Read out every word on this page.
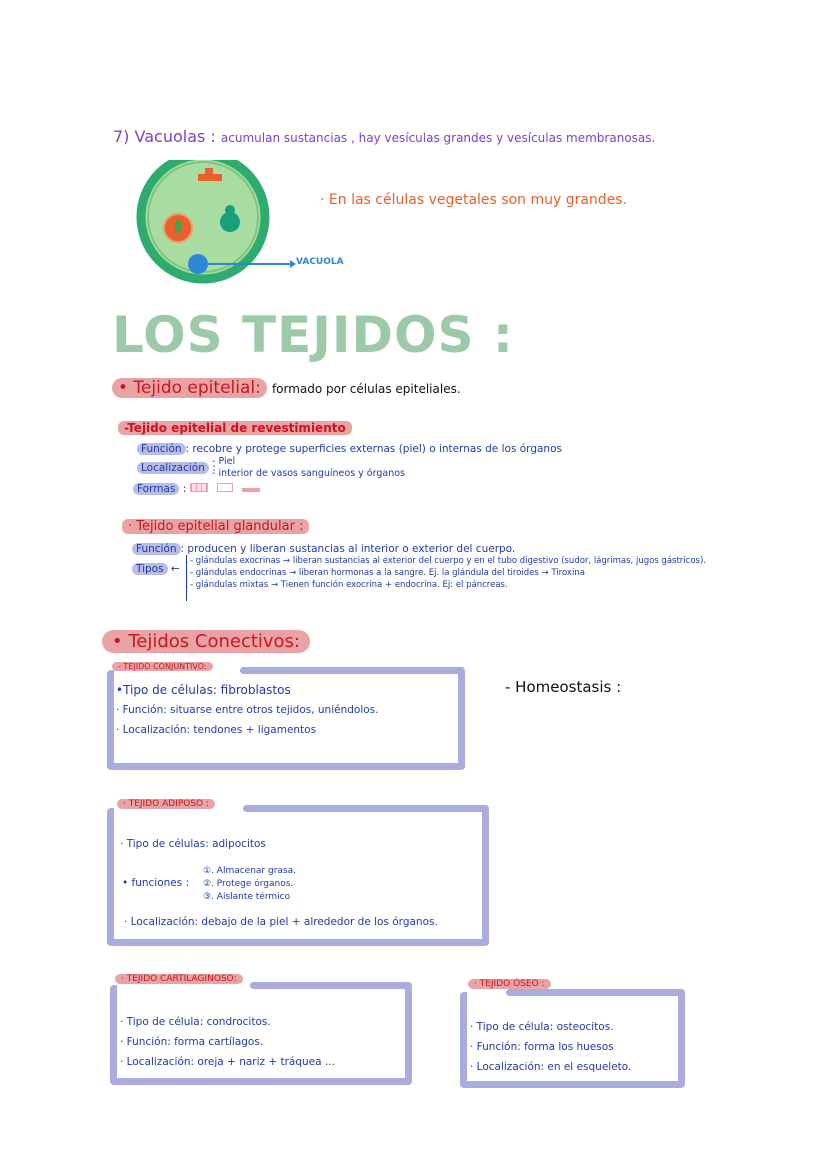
7) Vacuolas : acumulan sustancias , hay vesículas grandes y vesículas membranosas.
VACUOLA
· En las células vegetales son muy grandes.
LOS TEJIDOS :
• Tejido epitelial: formado por células epiteliales.
-Tejido epitelial de revestimiento
Función : recobre y protege superficies externas (piel) o internas de los órganos
Localización :
- Piel
- interior de vasos sanguíneos y órganos
Formas :
· Tejido epitelial glandular :
Función : producen y liberan sustancias al interior o exterior del cuerpo.
Tipos ←
- glándulas exocrinas → liberan sustancias al exterior del cuerpo y en el tubo digestivo (sudor, lágrimas, jugos gástricos).
- glándulas endocrinas → liberan hormonas a la sangre. Ej. la glándula del tiroides → Tiroxina
- glándulas mixtas → Tienen función exocrina + endocrina. Ej: el páncreas.
• Tejidos Conectivos:
- Homeostasis :
- TEJIDO CONJUNTIVO:
•Tipo de células: fibroblastos
· Función: situarse entre otros tejidos, uniéndolos.
· Localización: tendones + ligamentos
· TEJIDO ADIPOSO :
· Tipo de células: adipocitos
• funciones :
①. Almacenar grasa.
②. Protege órganos.
③. Aislante térmico
· Localización: debajo de la piel + alrededor de los órganos.
· TEJIDO CARTILAGINOSO:
· Tipo de célula: condrocitos.
· Función: forma cartílagos.
· Localización: oreja + nariz + tráquea ...
· TEJIDO ÓSEO :
· Tipo de célula: osteocitos.
· Función: forma los huesos
· Localización: en el esqueleto.
